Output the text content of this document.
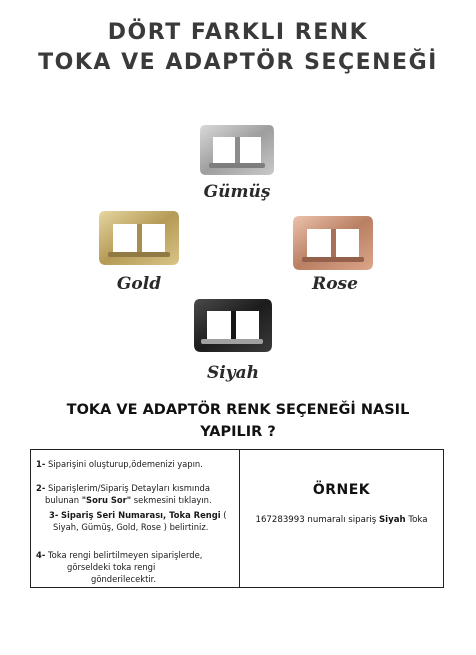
DÖRT FARKLI RENK
TOKA VE ADAPTÖR SEÇENEĞİ
Gümüş
Gold	Rose
Siyah
TOKA VE ADAPTÖR RENK SEÇENEĞİ NASIL
YAPILIR ?
1- Siparişini oluşturup,ödemenizi yapın.
2- Siparişlerim/Sipariş Detayları kısmında
bulunan "Soru Sor" sekmesini tıklayın.
3- Sipariş Seri Numarası, Toka Rengi (
Siyah, Gümüş, Gold, Rose ) belirtiniz.
4- Toka rengi belirtilmeyen siparişlerde,
görseldeki toka rengi
gönderilecektir.
ÖRNEK
167283993 numaralı sipariş Siyah Toka
